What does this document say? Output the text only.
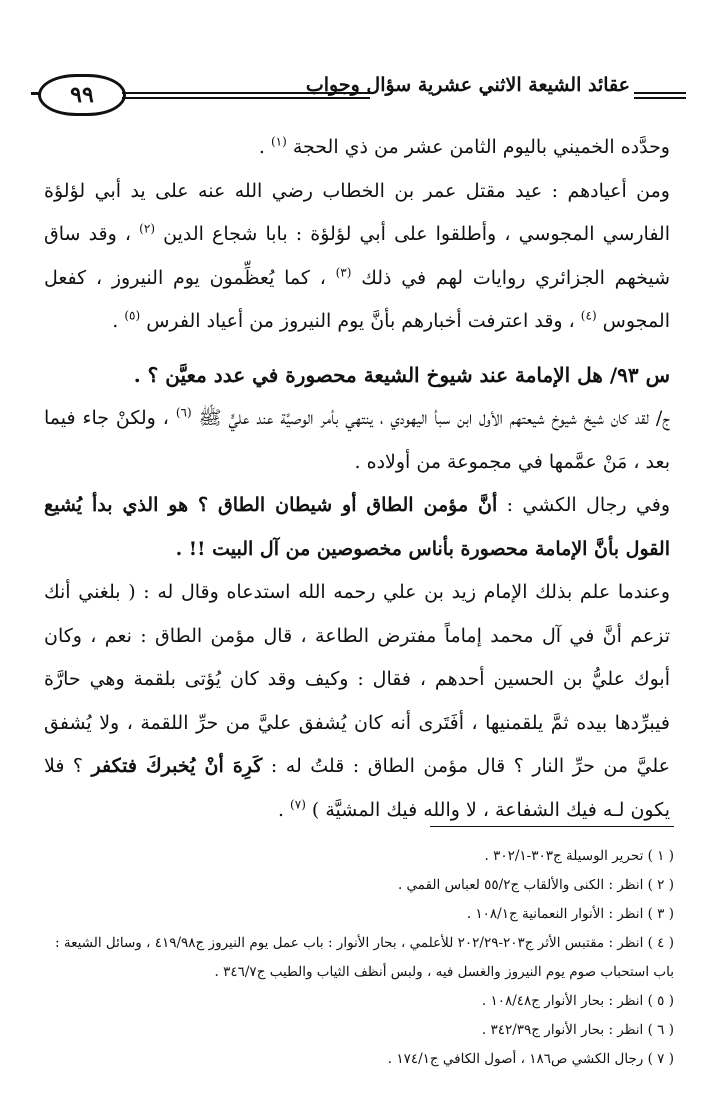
٩٩	عقائد الشيعة الاثني عشرية سؤال وجواب

وحدَّده الخميني باليوم الثامن عشر من ذي الحجة $^{(١)}$ .

ومن أعيادهم : عيد مقتل عمر بن الخطاب رضي الله عنه على يد أبي لؤلؤة الفارسي المجوسي ، وأطلقوا على أبي لؤلؤة : بابا شجاع الدين $^{(٢)}$ ، وقد ساق شيخهم الجزائري روايات لهم في ذلك $^{(٣)}$ ، كما يُعظِّمون يوم النيروز ، كفعل المجوس $^{(٤)}$ ، وقد اعترفت أخبارهم بأنَّ يوم النيروز من أعياد الفرس $^{(٥)}$ .

س ٩٣/ هل الإمامة عند شيوخ الشيعة محصورة في عدد معيَّن ؟ .

ج/ لقد كان شيخ شيوخ شيعتهم الأول ابن سبأ اليهودي ، ينتهي بأمر الوصيَّة عند عليٍّ ﷺ $^{(٦)}$ ، ولكنْ جاء فيما بعد ، مَنْ عمَّمها في مجموعة من أولاده .

وفي رجال الكشي : أنَّ مؤمن الطاق أو شيطان الطاق ؟ هو الذي بدأ يُشيع القول بأنَّ الإمامة محصورة بأناس مخصوصين من آل البيت !! .

وعندما علم بذلك الإمام زيد بن علي رحمه الله استدعاه وقال له : ( بلغني أنك تزعم أنَّ في آل محمد إماماً مفترض الطاعة ، قال مؤمن الطاق : نعم ، وكان أبوك عليُّ بن الحسين أحدهم ، فقال : وكيف وقد كان يُؤتى بلقمة وهي حارَّة فيبرِّدها بيده ثمَّ يلقمنيها ، أفَتَرى أنه كان يُشفق عليَّ من حرِّ اللقمة ، ولا يُشفق عليَّ من حرِّ النار ؟ قال مؤمن الطاق : قلتُ له : كَرِهَ أنْ يُخبركَ فتكفر ؟ فلا يكون لـه فيك الشفاعة ، لا والله فيك المشيَّة ) $^{(٧)}$ .

( ١ ) تحرير الوسيلة ج٣٠٣-٣٠٢/١ .

( ٢ ) انظر : الكنى والألقاب ج٥٥/٢ لعباس القمي .

( ٣ ) انظر : الأنوار النعمانية ج١٠٨/١ .

( ٤ ) انظر : مقتبس الأثر ج٢٠٣-٢٠٢/٢٩ للأعلمي ، بحار الأنوار : باب عمل يوم النيروز ج٤١٩/٩٨ ، وسائل الشيعة : باب استحباب صوم يوم النيروز والغسل فيه ، ولبس أنظف الثياب والطيب ج٣٤٦/٧ .

( ٥ ) انظر : بحار الأنوار ج١٠٨/٤٨ .

( ٦ ) انظر : بحار الأنوار ج٣٤٢/٣٩ .

( ٧ ) رجال الكشي ص١٨٦ ، أصول الكافي ج١٧٤/١ .
